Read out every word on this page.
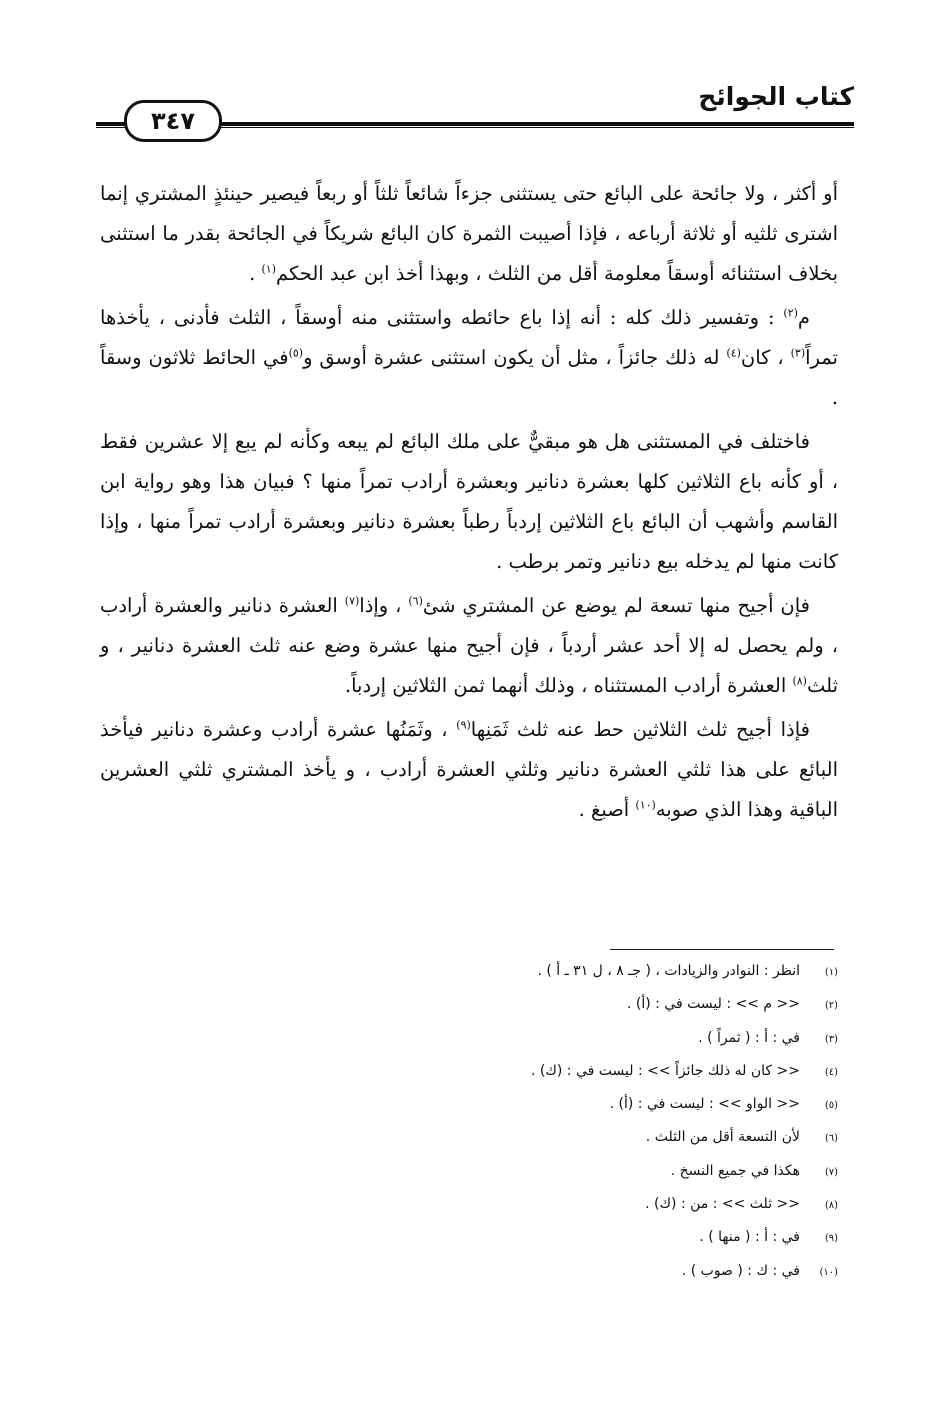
كتاب الجوائح
٣٤٧

أو أكثر ، ولا جائحة على البائع حتى يستثنى جزءاً شائعاً ثلثاً أو ربعاً فيصير حينئذٍ المشتري إنما اشترى ثلثيه أو ثلاثة أرباعه ، فإذا أصيبت الثمرة كان البائع شريكاً في الجائحة بقدر ما استثنى بخلاف استثنائه أوسقاً معلومة أقل من الثلث ، وبهذا أخذ ابن عبد الحكم$^{(١)}$ .

م$^{(٢)}$ : وتفسير ذلك كله : أنه إذا باع حائطه واستثنى منه أوسقاً ، الثلث فأدنى ، يأخذها تمراً$^{(٣)}$ ، كان$^{(٤)}$ له ذلك جائزاً ، مثل أن يكون استثنى عشرة أوسق و$^{(٥)}$في الحائط ثلاثون وسقاً .

فاختلف في المستثنى هل هو مبقيٌّ على ملك البائع لم يبعه وكأنه لم يبع إلا عشرين فقط ، أو كأنه باع الثلاثين كلها بعشرة دنانير وبعشرة أرادب تمراً منها ؟ فبيان هذا وهو رواية ابن القاسم وأشهب أن البائع باع الثلاثين إردباً رطباً بعشرة دنانير وبعشرة أرادب تمراً منها ، وإذا كانت منها لم يدخله بيع دنانير وتمر برطب .

فإن أجيح منها تسعة لم يوضع عن المشتري شئ$^{(٦)}$ ، وإذا$^{(٧)}$ العشرة دنانير والعشرة أرادب ، ولم يحصل له إلا أحد عشر أردباً ، فإن أجيح منها عشرة وضع عنه ثلث العشرة دنانير ، و ثلث$^{(٨)}$ العشرة أرادب المستثناه ، وذلك أنهما ثمن الثلاثين إردباً.

فإذا أجيح ثلث الثلاثين حط عنه ثلث ثَمَنِها$^{(٩)}$ ، وثَمَنُها عشرة أرادب وعشرة دنانير فيأخذ البائع على هذا ثلثي العشرة دنانير وثلثي العشرة أرادب ، و يأخذ المشتري ثلثي العشرين الباقية وهذا الذي صوبه$^{(١٠)}$ أصبغ .

(١)
انظر : النوادر والزيادات ، ( جـ ٨ ، ل ٣١ ـ أ ) .
(٢)
<< م >> : ليست في : (أ) .
(٣)
في : أ : ( ثمراً ) .
(٤)
<< كان له ذلك جائزاً >> : ليست في : (ك) .
(٥)
<< الواو >> : ليست في : (أ) .
(٦)
لأن التسعة أقل من الثلث .
(٧)
هكذا في جميع النسخ .
(٨)
<< ثلث >> : من : (ك) .
(٩)
في : أ : ( منها ) .
(١٠)
في : ك : ( صوب ) .
